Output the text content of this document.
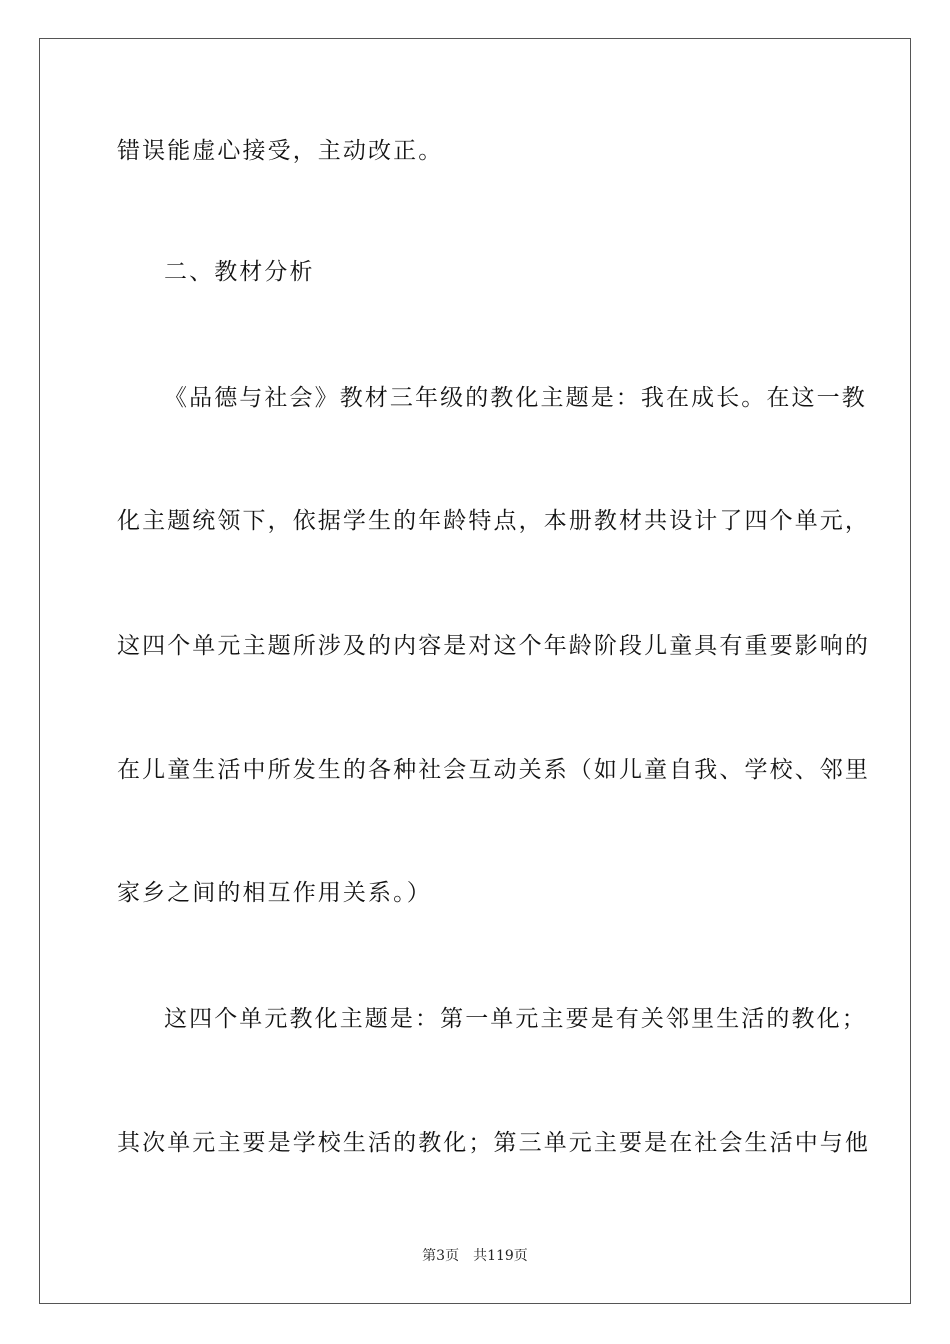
错误能虚心接受，主动改正。
二、教材分析
《品德与社会》教材三年级的教化主题是：我在成长。在这一教
化主题统领下，依据学生的年龄特点，本册教材共设计了四个单元，
这四个单元主题所涉及的内容是对这个年龄阶段儿童具有重要影响的
在儿童生活中所发生的各种社会互动关系（如儿童自我、学校、邻里
家乡之间的相互作用关系。）
这四个单元教化主题是：第一单元主要是有关邻里生活的教化；
其次单元主要是学校生活的教化；第三单元主要是在社会生活中与他
第3页　共119页
